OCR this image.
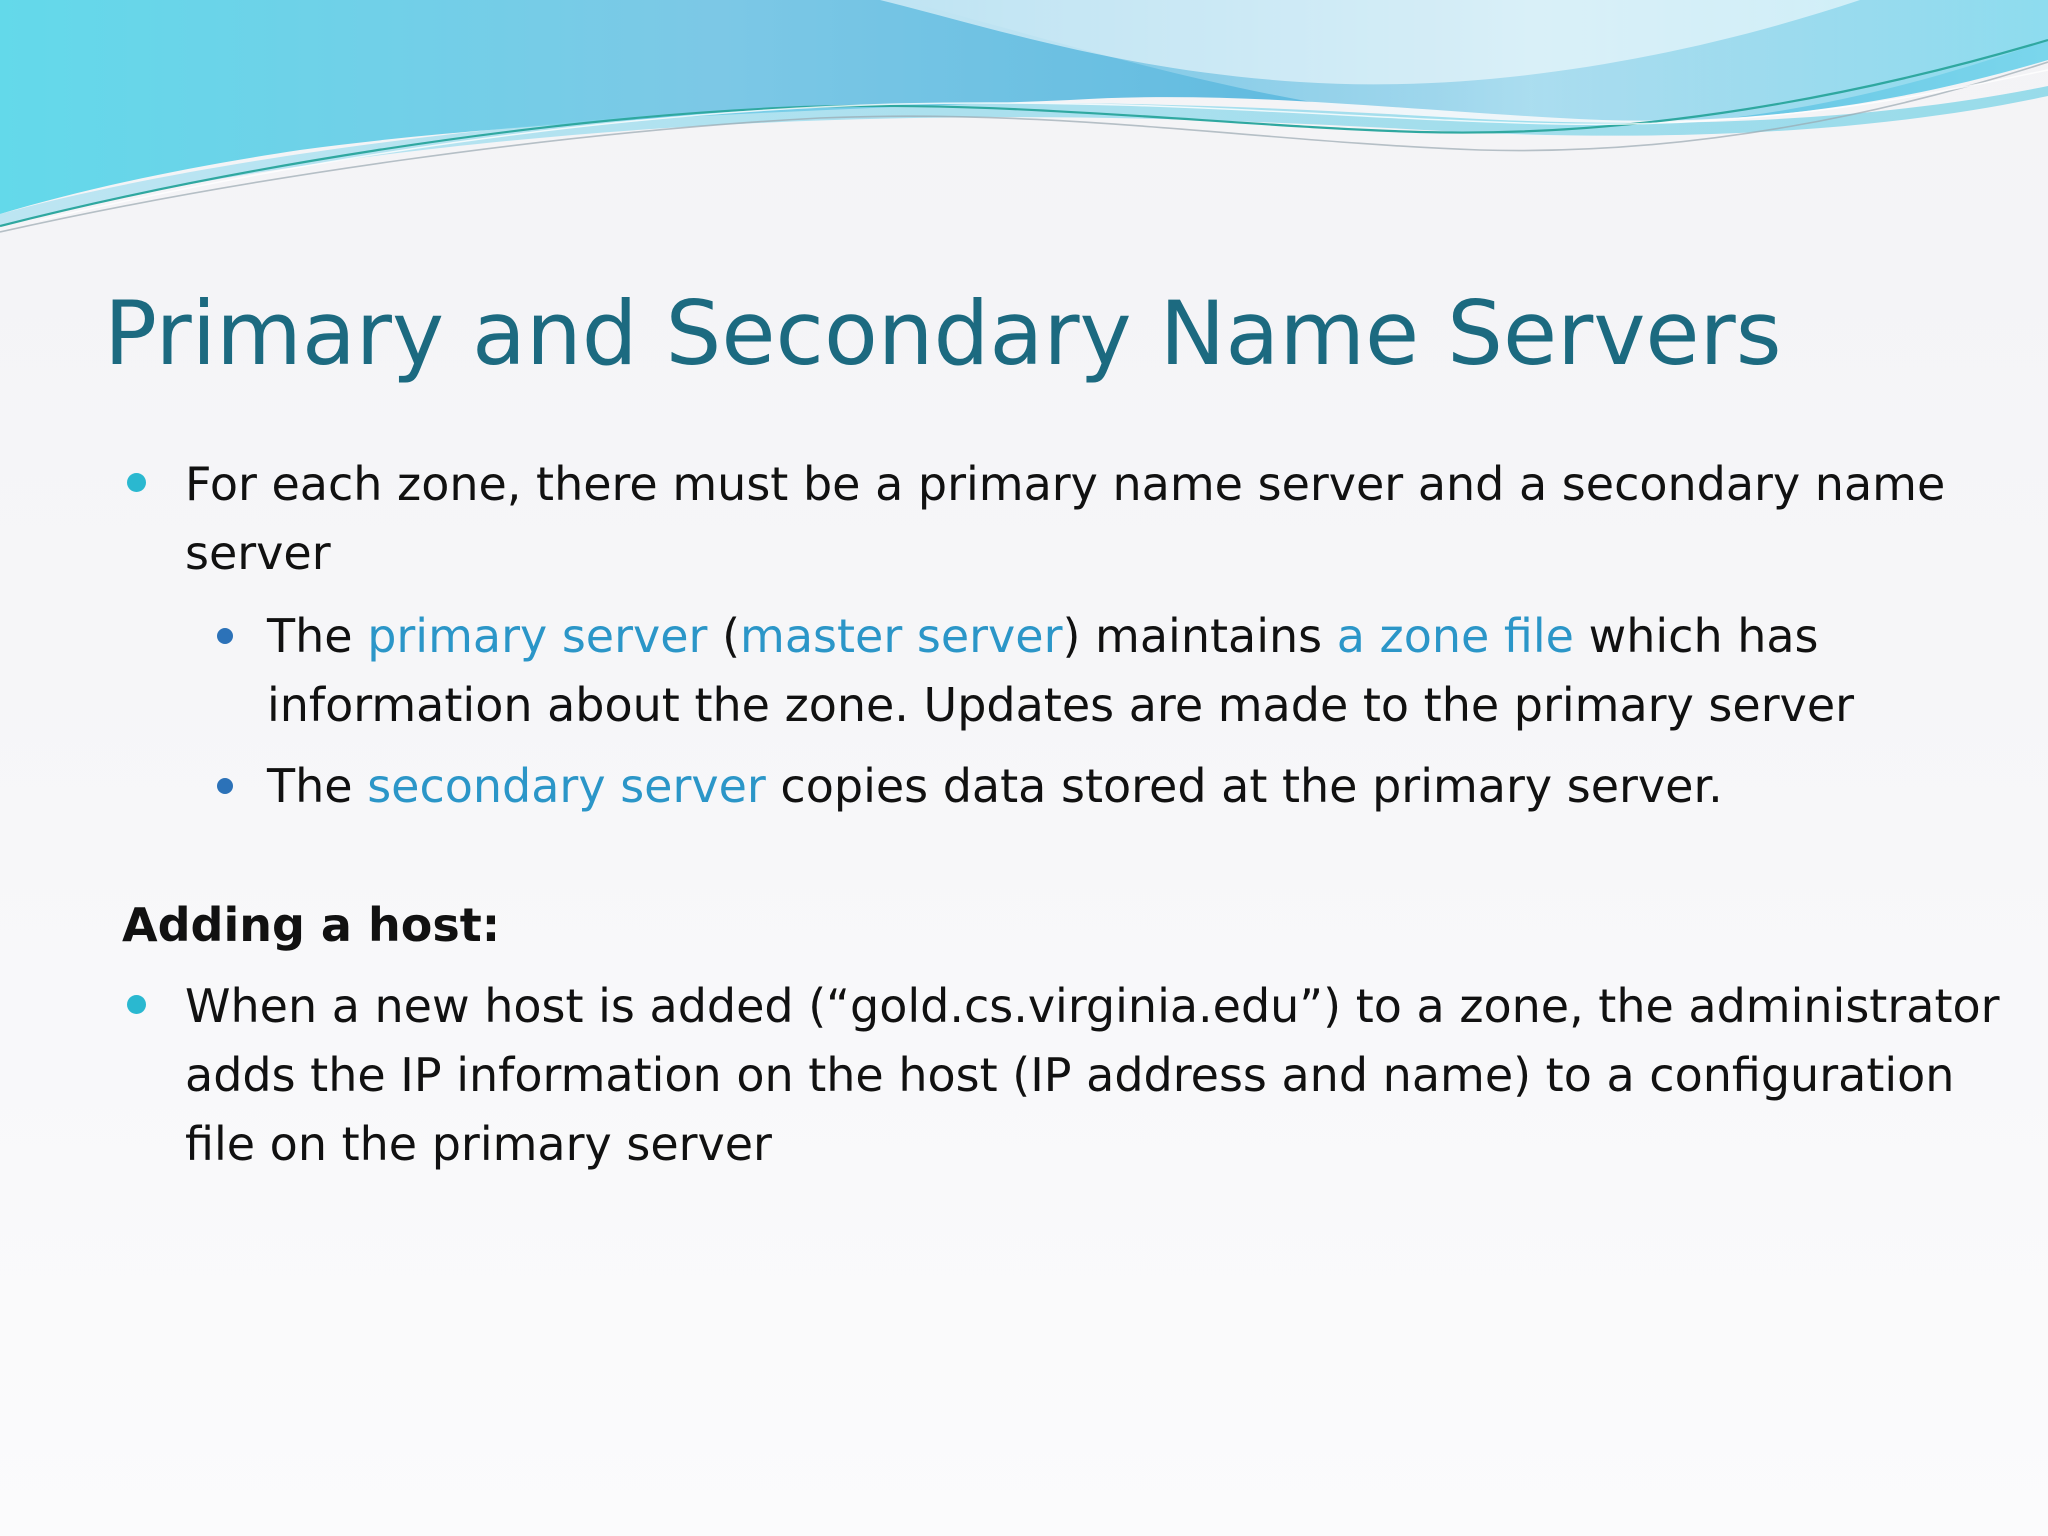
Primary and Secondary Name Servers
For each zone, there must be a primary name server and a secondary name server
The primary server (master server) maintains a zone file which has information about the zone. Updates are made to the primary server
The secondary server copies data stored at the primary server.
Adding a host:
When a new host is added (“gold.cs.virginia.edu”) to a zone, the administrator adds the IP information on the host (IP address and name) to a configuration file on the primary server
